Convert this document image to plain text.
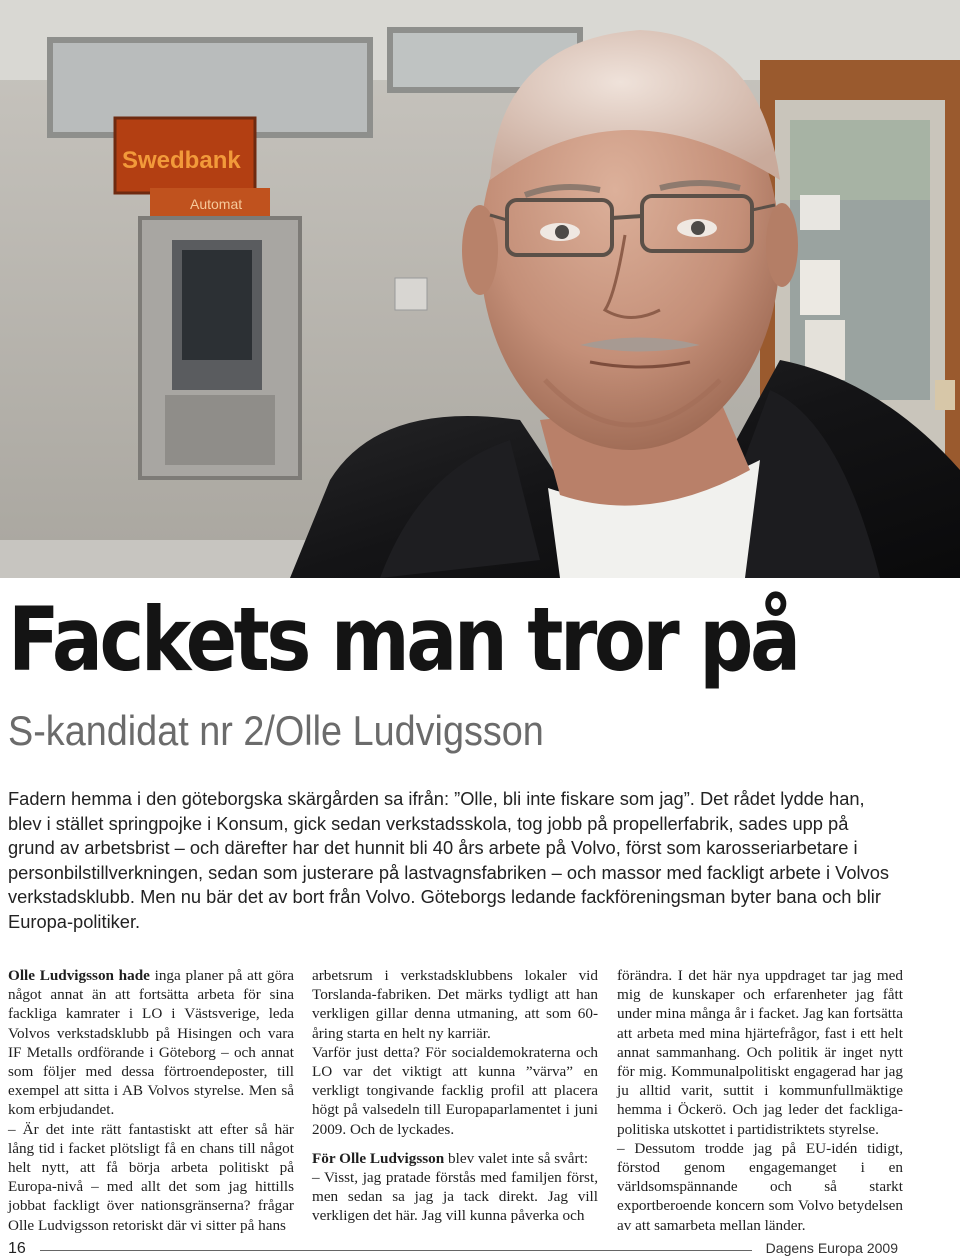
Swedbank
Automat
Fackets man tror på
S-kandidat nr 2/Olle Ludvigsson

Fadern hemma i den göteborgska skärgården sa ifrån: ”Olle, bli inte fiskare som jag”. Det rådet lydde han, blev i stället springpojke i Konsum, gick sedan verkstadsskola, tog jobb på propellerfabrik, sades upp på grund av arbetsbrist – och därefter har det hunnit bli 40 års arbete på Volvo, först som karosseriarbetare i personbilstillverkningen, sedan som justerare på lastvagnsfabriken – och massor med fackligt arbete i Volvos verkstadsklubb. Men nu bär det av bort från Volvo. Göteborgs ledande fackföreningsman byter bana och blir Europa-politiker.

Olle Ludvigsson hade inga planer på att göra något annat än att fortsätta arbeta för sina fackliga kamrater i LO i Västsverige, leda Volvos verkstadsklubb på Hisingen och vara IF Metalls ordförande i Göteborg – och annat som följer med dessa förtroendeposter, till exempel att sitta i AB Volvos styrelse. Men så kom erbjudandet.

– Är det inte rätt fantastiskt att efter så här lång tid i facket plötsligt få en chans till något helt nytt, att få börja arbeta politiskt på Europa-nivå – med allt det som jag hittills jobbat fackligt över nationsgränserna? frågar Olle Ludvigsson retoriskt där vi sitter på hans

arbetsrum i verkstadsklubbens lokaler vid Torslanda-fabriken. Det märks tydligt att han verkligen gillar denna utmaning, att som 60-åring starta en helt ny karriär.

Varför just detta? För socialdemokraterna och LO var det viktigt att kunna ”värva” en verkligt tongivande facklig profil att placera högt på valsedeln till Europaparlamentet i juni 2009. Och de lyckades.

För Olle Ludvigsson blev valet inte så svårt:

– Visst, jag pratade förstås med familjen först, men sedan sa jag ja tack direkt. Jag vill verkligen det här. Jag vill kunna påverka och

förändra. I det här nya uppdraget tar jag med mig de kunskaper och erfarenheter jag fått under mina många år i facket. Jag kan fortsätta att arbeta med mina hjärtefrågor, fast i ett helt annat sammanhang. Och politik är inget nytt för mig. Kommunalpolitiskt engagerad har jag ju alltid varit, suttit i kommunfullmäktige hemma i Öckerö. Och jag leder det fackliga-politiska utskottet i partidistriktets styrelse.

– Dessutom trodde jag på EU-idén tidigt, förstod genom engagemanget i en världsomspännande och så starkt exportberoende koncern som Volvo betydelsen av att samarbeta mellan länder.

16	Dagens Europa 2009
